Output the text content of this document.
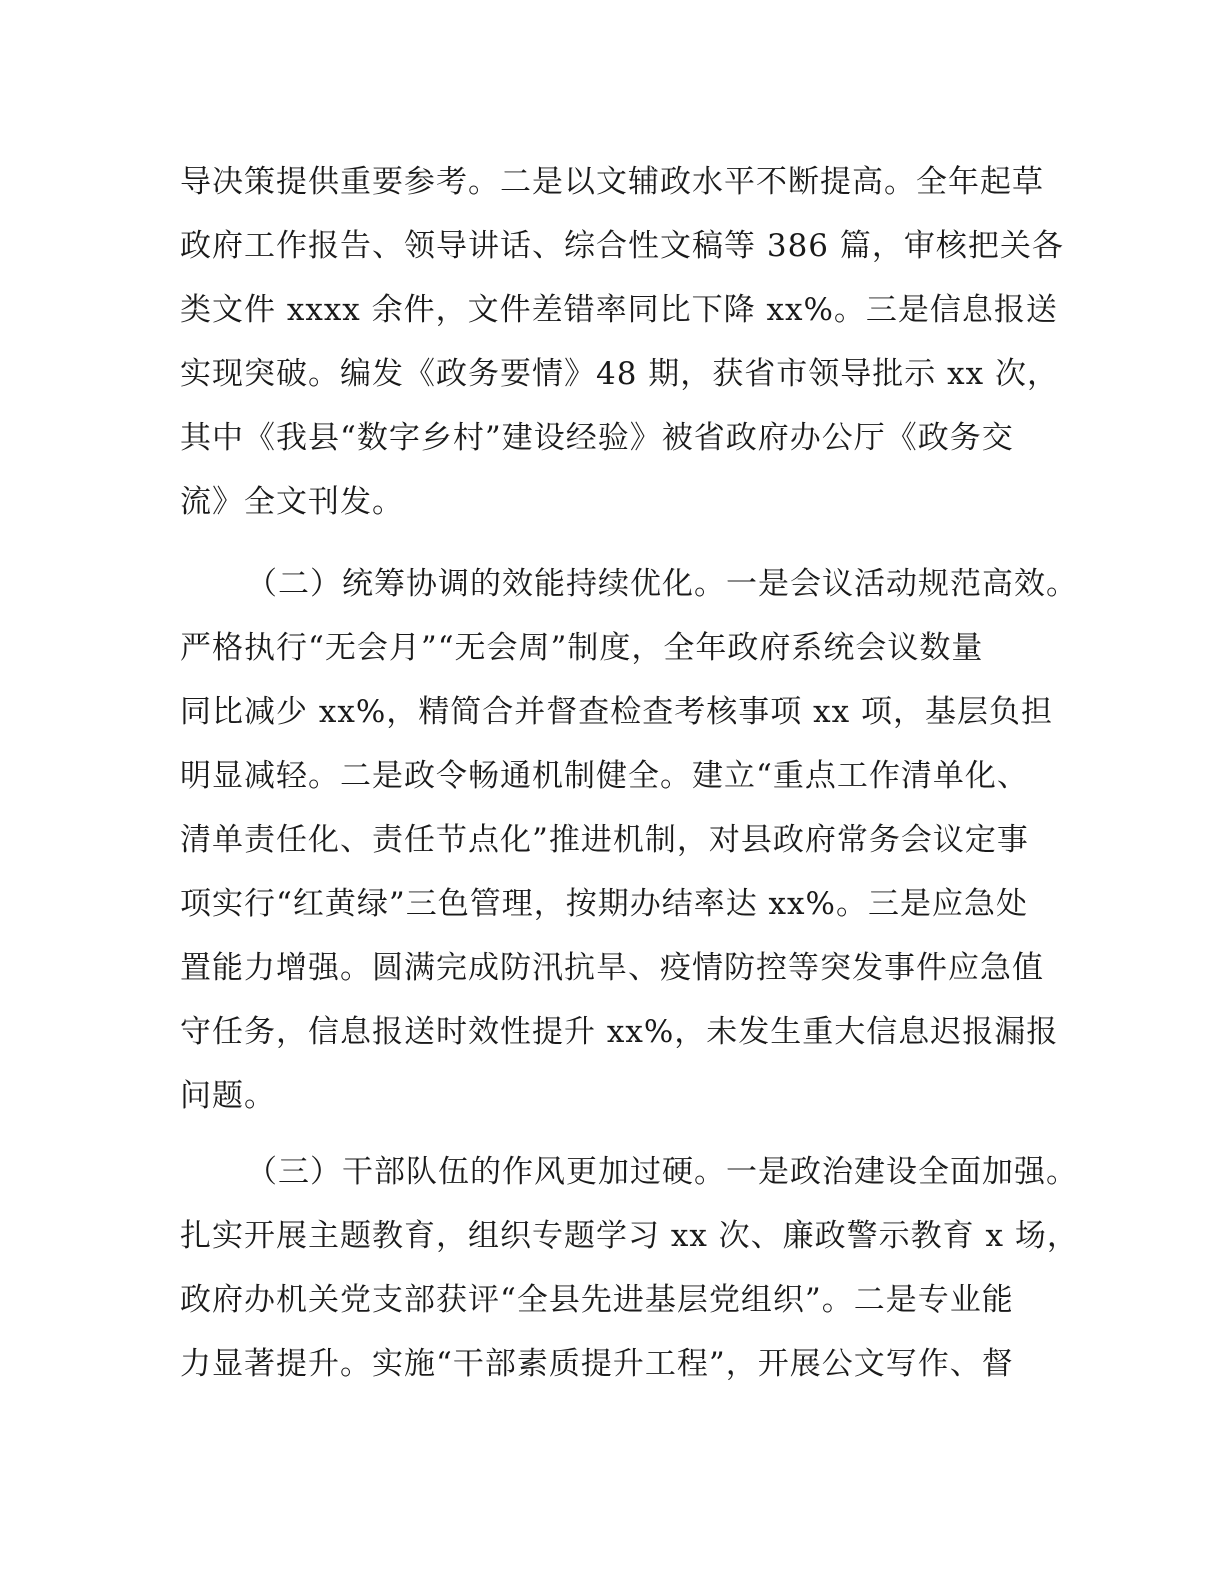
导决策提供重要参考。二是以文辅政水平不断提高。全年起草
政府工作报告、领导讲话、综合性文稿等 386 篇，审核把关各
类文件 xxxx 余件，文件差错率同比下降 xx%。三是信息报送
实现突破。编发《政务要情》48 期，获省市领导批示 xx 次，
其中《我县“数字乡村”建设经验》被省政府办公厅《政务交
流》全文刊发。
（二）统筹协调的效能持续优化。一是会议活动规范高效。
严格执行“无会月”“无会周”制度，全年政府系统会议数量
同比减少 xx%，精简合并督查检查考核事项 xx 项，基层负担
明显减轻。二是政令畅通机制健全。建立“重点工作清单化、
清单责任化、责任节点化”推进机制，对县政府常务会议定事
项实行“红黄绿”三色管理，按期办结率达 xx%。三是应急处
置能力增强。圆满完成防汛抗旱、疫情防控等突发事件应急值
守任务，信息报送时效性提升 xx%，未发生重大信息迟报漏报
问题。
（三）干部队伍的作风更加过硬。一是政治建设全面加强。
扎实开展主题教育，组织专题学习 xx 次、廉政警示教育 x 场，
政府办机关党支部获评“全县先进基层党组织”。二是专业能
力显著提升。实施“干部素质提升工程”，开展公文写作、督
